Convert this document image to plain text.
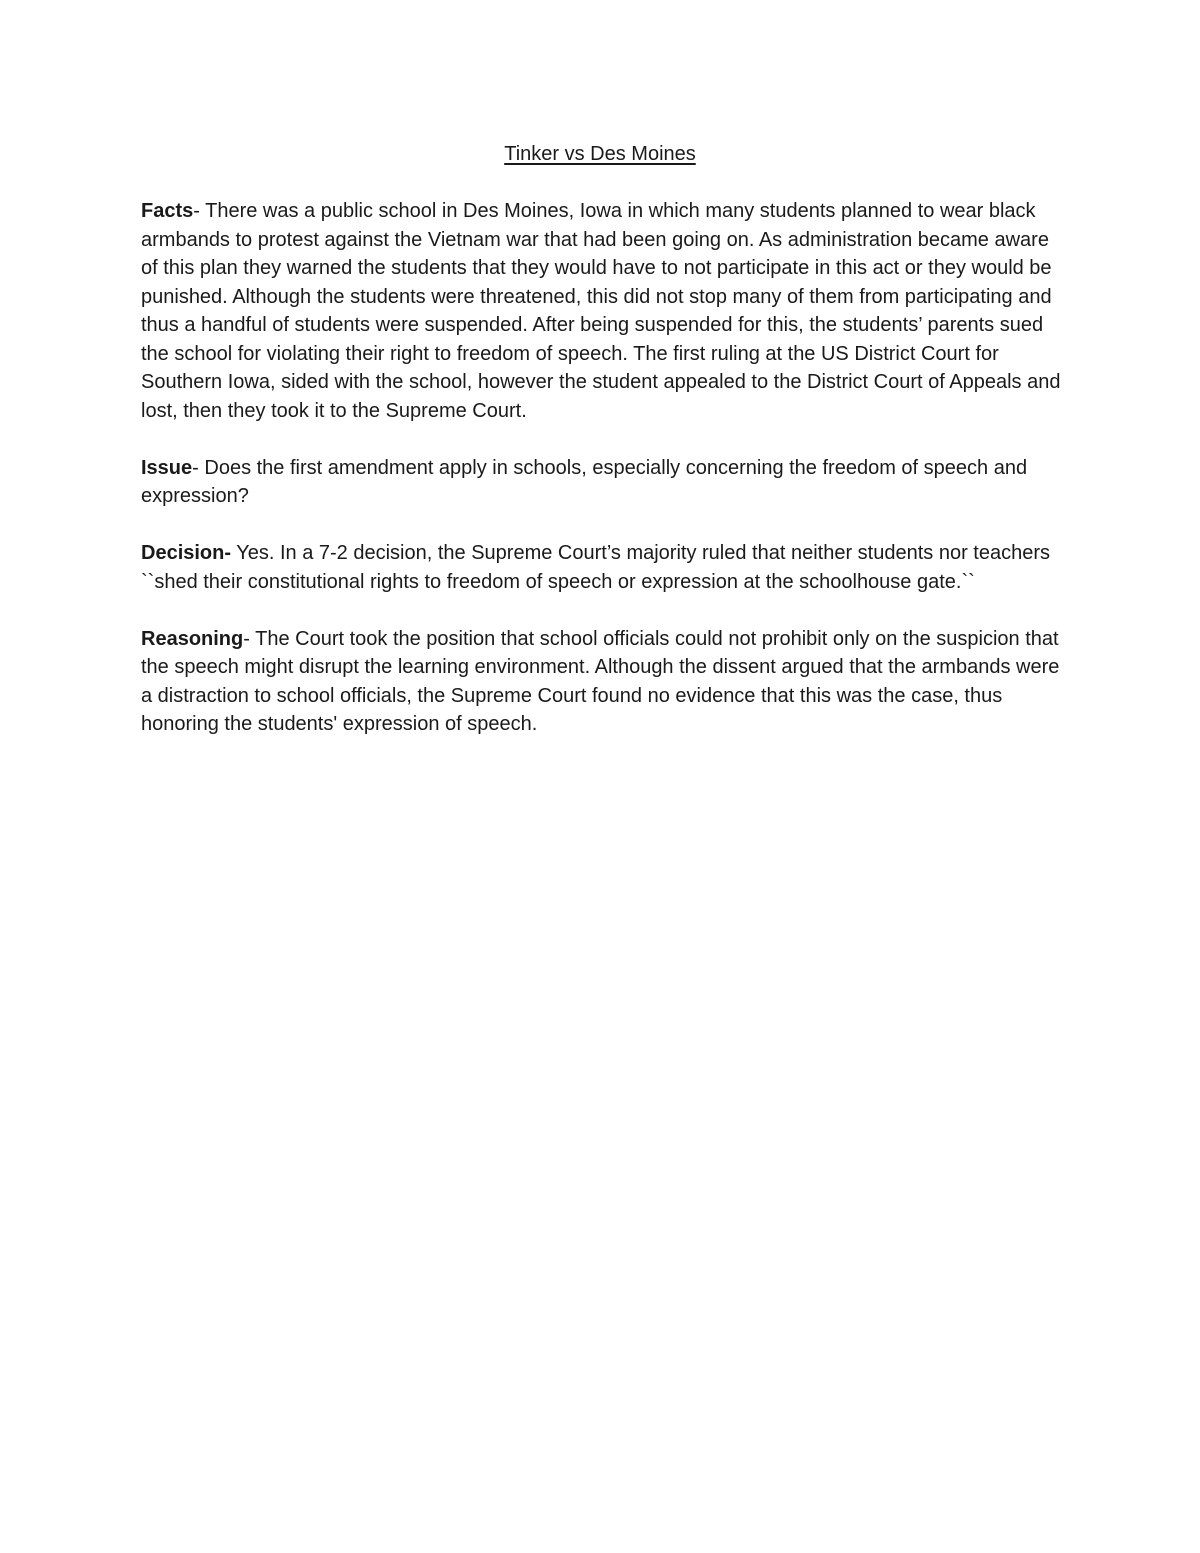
Tinker vs Des Moines

Facts- There was a public school in Des Moines, Iowa in which many students planned to wear black armbands to protest against the Vietnam war that had been going on. As administration became aware of this plan they warned the students that they would have to not participate in this act or they would be punished. Although the students were threatened, this did not stop many of them from participating and thus a handful of students were suspended. After being suspended for this, the students’ parents sued the school for violating their right to freedom of speech. The first ruling at the US District Court for Southern Iowa, sided with the school, however the student appealed to the District Court of Appeals and lost, then they took it to the Supreme Court.

Issue- Does the first amendment apply in schools, especially concerning the freedom of speech and expression?

Decision- Yes. In a 7-2 decision, the Supreme Court’s majority ruled that neither students nor teachers ``shed their constitutional rights to freedom of speech or expression at the schoolhouse gate.``

Reasoning- The Court took the position that school officials could not prohibit only on the suspicion that the speech might disrupt the learning environment. Although the dissent argued that the armbands were a distraction to school officials, the Supreme Court found no evidence that this was the case, thus honoring the students' expression of speech.
